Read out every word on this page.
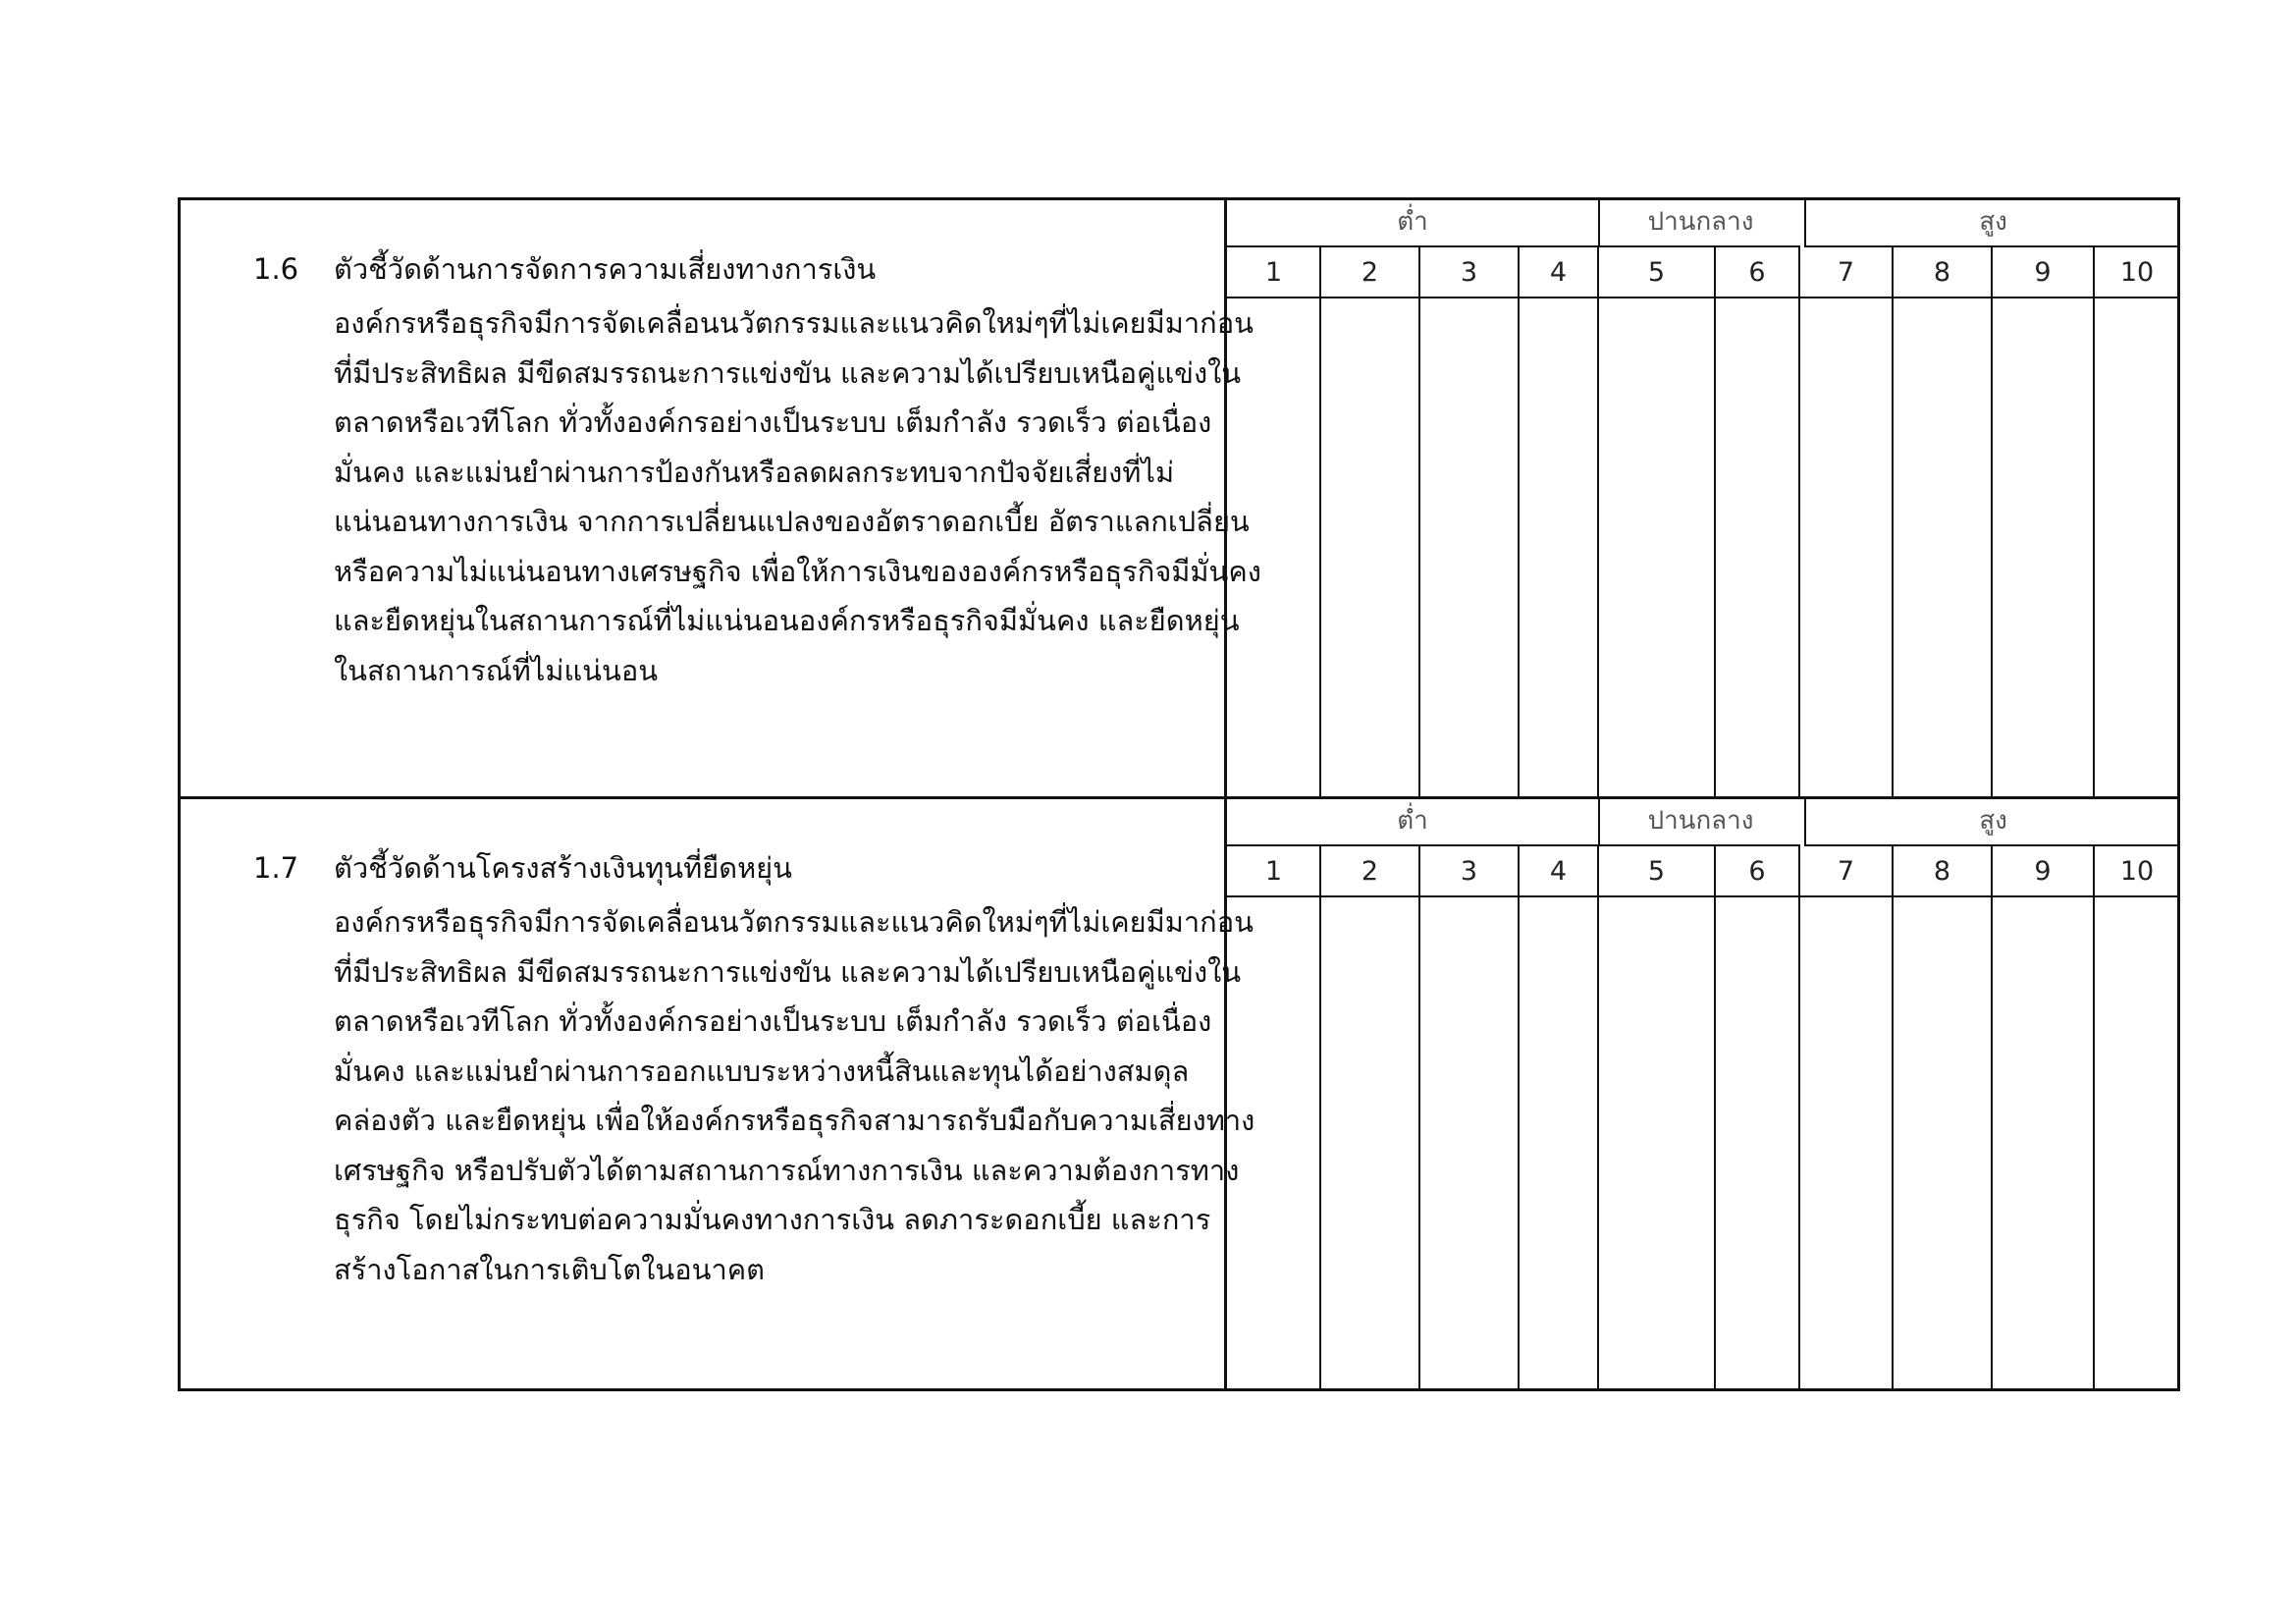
1.6 ตัวชี้วัดด้านการจัดการความเสี่ยงทางการเงิน
องค์กรหรือธุรกิจมีการจัดเคลื่อนนวัตกรรมและแนวคิดใหม่ๆที่ไม่เคยมีมาก่อน
ที่มีประสิทธิผล มีขีดสมรรถนะการแข่งขัน และความได้เปรียบเหนือคู่แข่งใน
ตลาดหรือเวทีโลก ทั่วทั้งองค์กรอย่างเป็นระบบ เต็มกำลัง รวดเร็ว ต่อเนื่อง
มั่นคง และแม่นยำผ่านการป้องกันหรือลดผลกระทบจากปัจจัยเสี่ยงที่ไม่
แน่นอนทางการเงิน จากการเปลี่ยนแปลงของอัตราดอกเบี้ย อัตราแลกเปลี่ยน
หรือความไม่แน่นอนทางเศรษฐกิจ เพื่อให้การเงินขององค์กรหรือธุรกิจมีมั่นคง
และยืดหยุ่นในสถานการณ์ที่ไม่แน่นอนองค์กรหรือธุรกิจมีมั่นคง และยืดหยุ่น
ในสถานการณ์ที่ไม่แน่นอน
ต่ำ	ปานกลาง	สูง
1	2	3	4	5	6	7	8	9	10
1.7 ตัวชี้วัดด้านโครงสร้างเงินทุนที่ยืดหยุ่น
องค์กรหรือธุรกิจมีการจัดเคลื่อนนวัตกรรมและแนวคิดใหม่ๆที่ไม่เคยมีมาก่อน
ที่มีประสิทธิผล มีขีดสมรรถนะการแข่งขัน และความได้เปรียบเหนือคู่แข่งใน
ตลาดหรือเวทีโลก ทั่วทั้งองค์กรอย่างเป็นระบบ เต็มกำลัง รวดเร็ว ต่อเนื่อง
มั่นคง และแม่นยำผ่านการออกแบบระหว่างหนี้สินและทุนได้อย่างสมดุล
คล่องตัว และยืดหยุ่น เพื่อให้องค์กรหรือธุรกิจสามารถรับมือกับความเสี่ยงทาง
เศรษฐกิจ หรือปรับตัวได้ตามสถานการณ์ทางการเงิน และความต้องการทาง
ธุรกิจ โดยไม่กระทบต่อความมั่นคงทางการเงิน ลดภาระดอกเบี้ย และการ
สร้างโอกาสในการเติบโตในอนาคต
ต่ำ	ปานกลาง	สูง
1	2	3	4	5	6	7	8	9	10
